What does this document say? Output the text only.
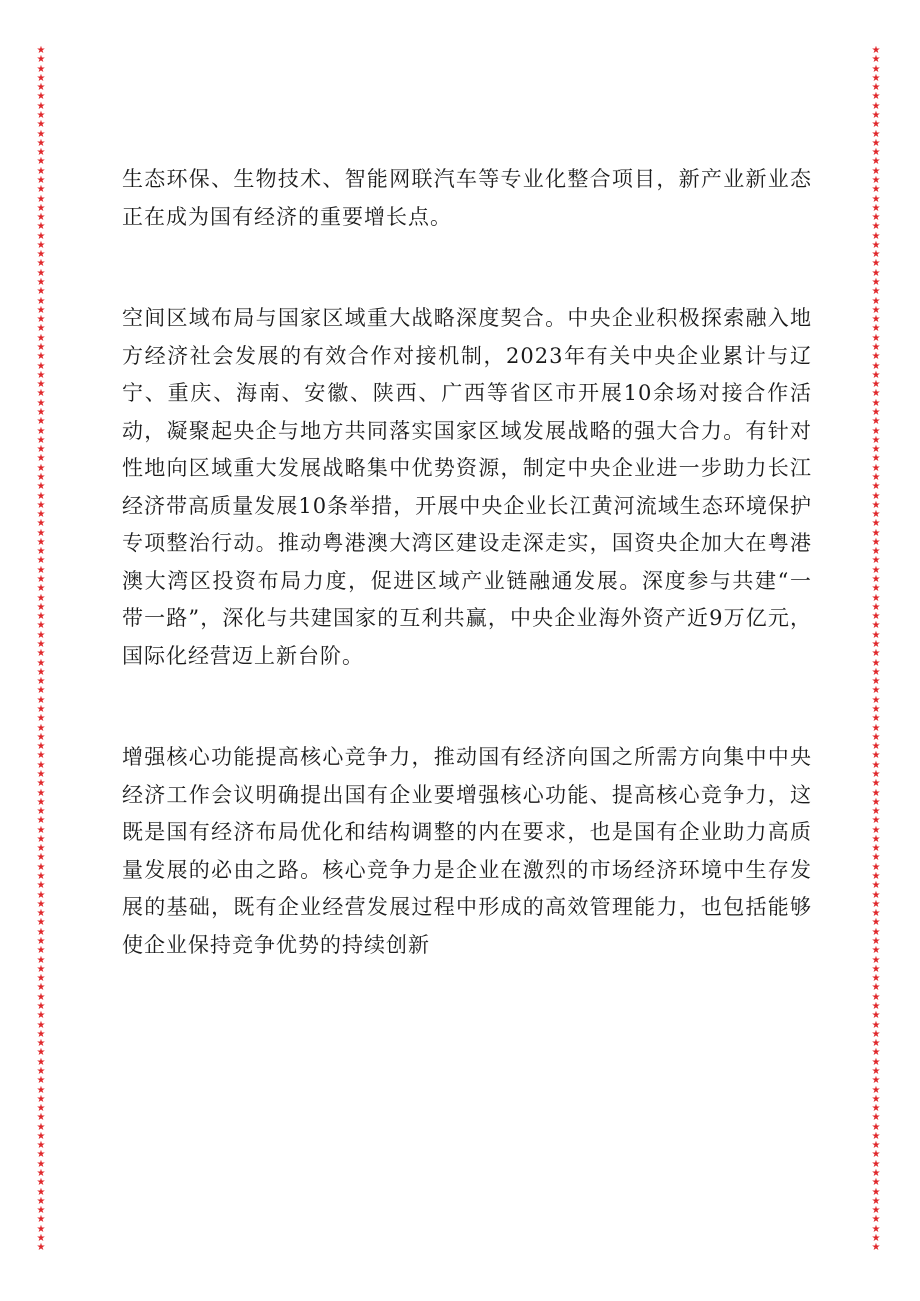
★
★
★
★
★
★
★
★
★
★
★
★
★
★
★
★
★
★
★
★
★
★
★
★
★
★
★
★
★
★
★
★
★
★
★
★
★
★
★
★
★
★
★
★
★
★
★
★
★
★
★
★
★
★
★
★
★
★
★
★
★
★
★
★
★
★
★
★
★
★
★
★
★
★
★
★
★
★
★
★
★
★
★
★
★
★
★
★
★
★
★
★
★
★
★
★
★
★
★
★
★
★
★
★
★
★
★
★
★
★
★
★
★
★
★
★
★
★
★
★
★
★
★
★
★
★
★
★
★
★
★
★
★
★
★
★
★
★
★
★
★
★
★
★
★
★
★
★
★
★
★
★
★
★
★
★
★
★
★
★
★
★
★
★
★
★
★
★
★
★
★
★
★
★
★
★
★
★
★
★
★
★
★
★
★
★
★
★
★
★
★
★
★
★
★
★
★
★
★
★
★
★
★
★
★
★
★
★
★
★
★
★
★
★
★
★
★
★
★
★
★
★
★
★
★
★
★
★
★
★
★
★
★
★
★
★
★
★
★
★
★
★
★
★
★
★
★
★
★
★
★
★
★
★
★
★
★
★
★
★

生态环保、生物技术、智能网联汽车等专业化整合项目，新产业新业态正在成为国有经济的重要增长点。

空间区域布局与国家区域重大战略深度契合。中央企业积极探索融入地方经济社会发展的有效合作对接机制，2023年有关中央企业累计与辽宁、重庆、海南、安徽、陕西、广西等省区市开展10余场对接合作活动，凝聚起央企与地方共同落实国家区域发展战略的强大合力。有针对性地向区域重大发展战略集中优势资源，制定中央企业进一步助力长江经济带高质量发展10条举措，开展中央企业长江黄河流域生态环境保护专项整治行动。推动粤港澳大湾区建设走深走实，国资央企加大在粤港澳大湾区投资布局力度，促进区域产业链融通发展。深度参与共建“一带一路”，深化与共建国家的互利共赢，中央企业海外资产近9万亿元，国际化经营迈上新台阶。

增强核心功能提高核心竞争力，推动国有经济向国之所需方向集中中央经济工作会议明确提出国有企业要增强核心功能、提高核心竞争力，这既是国有经济布局优化和结构调整的内在要求，也是国有企业助力高质量发展的必由之路。核心竞争力是企业在激烈的市场经济环境中生存发展的基础，既有企业经营发展过程中形成的高效管理能力，也包括能够使企业保持竞争优势的持续创新
